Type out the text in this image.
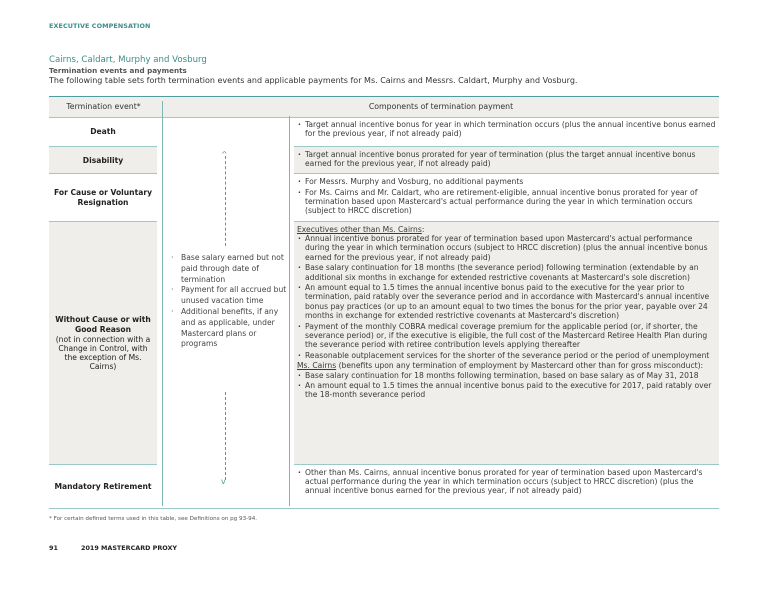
EXECUTIVE COMPENSATION
Cairns, Caldart, Murphy and Vosburg
Termination events and payments
The following table sets forth termination events and applicable payments for Ms. Cairns and Messrs. Caldart, Murphy and Vosburg.
Termination event*	Components of termination payment
Death
Disability
For Cause or Voluntary Resignation
Without Cause or with Good Reason
(not in connection with a Change in Control, with the exception of Ms. Cairns)
Mandatory Retirement
^
· Base salary earned but not paid through date of termination
· Payment for all accrued but unused vacation time
· Additional benefits, if any and as applicable, under Mastercard plans or programs
v
· Target annual incentive bonus for year in which termination occurs (plus the annual incentive bonus earned for the previous year, if not already paid)
· Target annual incentive bonus prorated for year of termination (plus the target annual incentive bonus earned for the previous year, if not already paid)
· For Messrs. Murphy and Vosburg, no additional payments
· For Ms. Cairns and Mr. Caldart, who are retirement-eligible, annual incentive bonus prorated for year of termination based upon Mastercard's actual performance during the year in which termination occurs (subject to HRCC discretion)
Executives other than Ms. Cairns:
· Annual incentive bonus prorated for year of termination based upon Mastercard's actual performance during the year in which termination occurs (subject to HRCC discretion) (plus the annual incentive bonus earned for the previous year, if not already paid)
· Base salary continuation for 18 months (the severance period) following termination (extendable by an additional six months in exchange for extended restrictive covenants at Mastercard's sole discretion)
· An amount equal to 1.5 times the annual incentive bonus paid to the executive for the year prior to termination, paid ratably over the severance period and in accordance with Mastercard's annual incentive bonus pay practices (or up to an amount equal to two times the bonus for the prior year, payable over 24 months in exchange for extended restrictive covenants at Mastercard's discretion)
· Payment of the monthly COBRA medical coverage premium for the applicable period (or, if shorter, the severance period) or, if the executive is eligible, the full cost of the Mastercard Retiree Health Plan during the severance period with retiree contribution levels applying thereafter
· Reasonable outplacement services for the shorter of the severance period or the period of unemployment
Ms. Cairns (benefits upon any termination of employment by Mastercard other than for gross misconduct):
· Base salary continuation for 18 months following termination, based on base salary as of May 31, 2018
· An amount equal to 1.5 times the annual incentive bonus paid to the executive for 2017, paid ratably over the 18-month severance period
· Other than Ms. Cairns, annual incentive bonus prorated for year of termination based upon Mastercard's actual performance during the year in which termination occurs (subject to HRCC discretion) (plus the annual incentive bonus earned for the previous year, if not already paid)
* For certain defined terms used in this table, see Definitions on pg 93-94.
91	2019 MASTERCARD PROXY
